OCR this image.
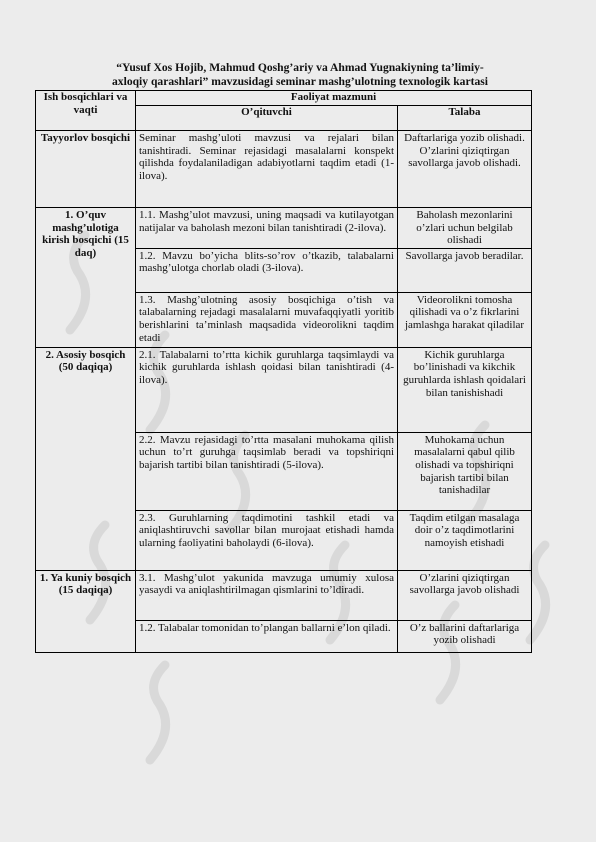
“Yusuf Xos Hojib, Mahmud Qoshg’ariy va Ahmad Yugnakiyning ta’limiy-
axloqiy qarashlari” mavzusidagi seminar mashg’ulotning texnologik kartasi
Ish bosqichlari va vaqti	Faoliyat mazmuni	
	O’qituvchi	Talaba
Tayyorlov bosqichi	Seminar mashg’uloti mavzusi va rejalari bilan tanishtiradi. Seminar rejasidagi masalalarni konspekt qilishda foydalaniladigan adabiyotlarni taqdim etadi (1-ilova).	Daftarlariga yozib olishadi. O’zlarini qiziqtirgan savollarga javob olishadi.
1. O’quv mashg’ulotiga kirish bosqichi (15 daq)	1.1. Mashg’ulot mavzusi, uning maqsadi va kutilayotgan natijalar va baholash mezoni bilan tanishtiradi (2-ilova).	Baholash mezonlarini o’zlari uchun belgilab olishadi
	1.2. Mavzu bo’yicha blits-so’rov o’tkazib, talabalarni mashg’ulotga chorlab oladi (3-ilova).	Savollarga javob beradilar.
	1.3. Mashg’ulotning asosiy bosqichiga o’tish va talabalarning rejadagi masalalarni muvafaqqiyatli yoritib berishlarini ta’minlash maqsadida videorolikni taqdim etadi	Videorolikni tomosha qilishadi va o’z fikrlarini jamlashga harakat qiladilar
2. Asosiy bosqich (50 daqiqa)	2.1. Talabalarni to’rtta kichik guruhlarga taqsimlaydi va kichik guruhlarda ishlash qoidasi bilan tanishtiradi (4-ilova).	Kichik guruhlarga bo’linishadi va kikchik guruhlarda ishlash qoidalari bilan tanishishadi
	2.2. Mavzu rejasidagi to’rtta masalani muhokama qilish uchun to’rt guruhga taqsimlab beradi va topshiriqni bajarish tartibi bilan tanishtiradi (5-ilova).	Muhokama uchun masalalarni qabul qilib olishadi va topshiriqni bajarish tartibi bilan tanishadilar
	2.3. Guruhlarning taqdimotini tashkil etadi va aniqlashtiruvchi savollar bilan murojaat etishadi hamda ularning faoliyatini baholaydi (6-ilova).	Taqdim etilgan masalaga doir o’z taqdimotlarini namoyish etishadi
1. Ya kuniy bosqich (15 daqiqa)	3.1. Mashg’ulot yakunida mavzuga umumiy xulosa yasaydi va aniqlashtirilmagan qismlarini to’ldiradi.	O’zlarini qiziqtirgan savollarga javob olishadi
	1.2. Talabalar tomonidan to’plangan ballarni e’lon qiladi.	O’z ballarini daftarlariga yozib olishadi
